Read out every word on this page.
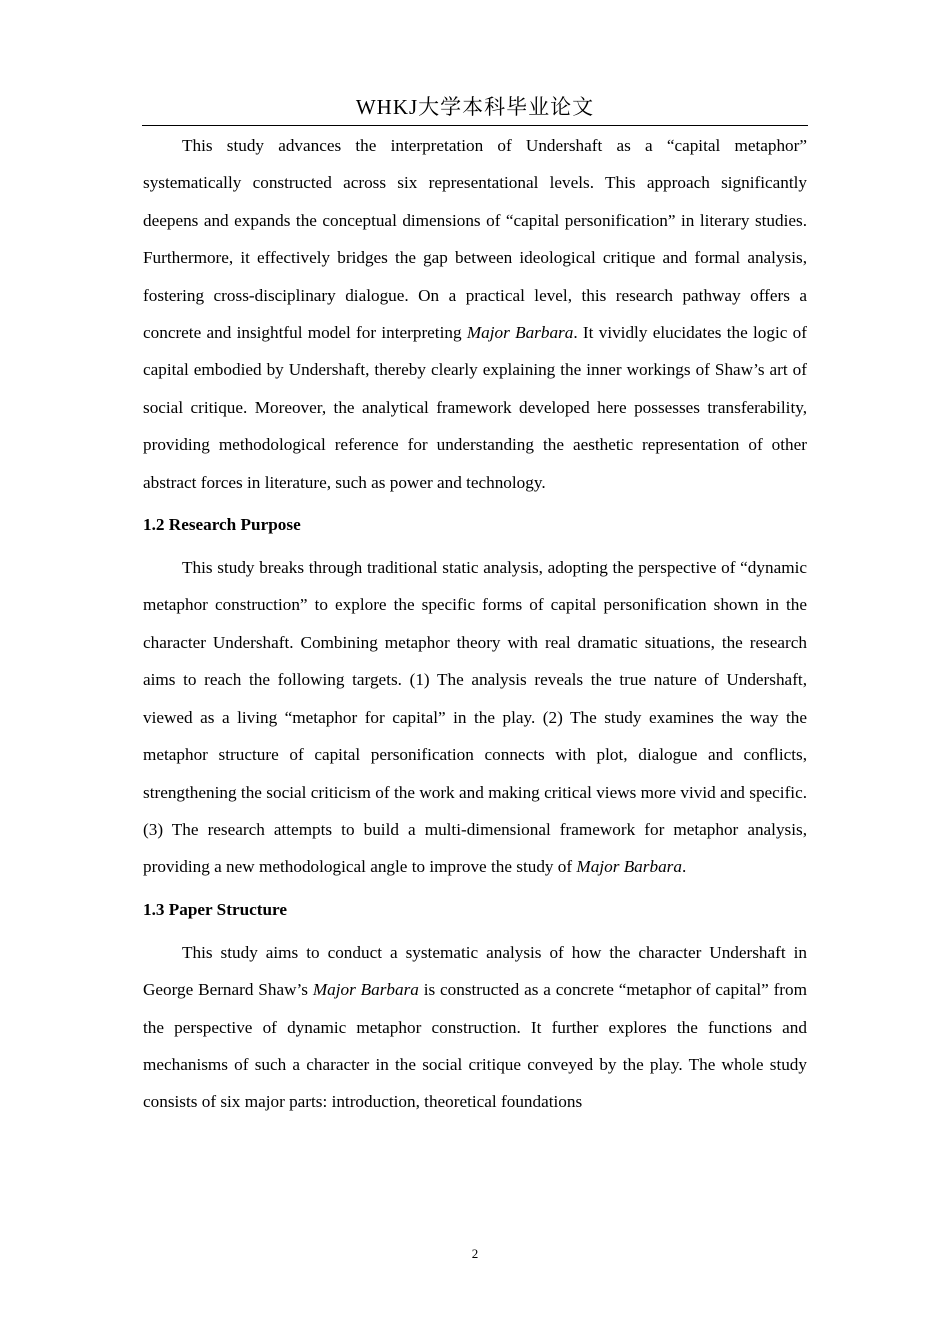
WHKJ大学本科毕业论文

This study advances the interpretation of Undershaft as a “capital metaphor” systematically constructed across six representational levels. This approach significantly deepens and expands the conceptual dimensions of “capital personification” in literary studies. Furthermore, it effectively bridges the gap between ideological critique and formal analysis, fostering cross-disciplinary dialogue. On a practical level, this research pathway offers a concrete and insightful model for interpreting Major Barbara. It vividly elucidates the logic of capital embodied by Undershaft, thereby clearly explaining the inner workings of Shaw’s art of social critique. Moreover, the analytical framework developed here possesses transferability, providing methodological reference for understanding the aesthetic representation of other abstract forces in literature, such as power and technology.

1.2 Research Purpose

This study breaks through traditional static analysis, adopting the perspective of “dynamic metaphor construction” to explore the specific forms of capital personification shown in the character Undershaft. Combining metaphor theory with real dramatic situations, the research aims to reach the following targets. (1) The analysis reveals the true nature of Undershaft, viewed as a living “metaphor for capital” in the play. (2) The study examines the way the metaphor structure of capital personification connects with plot, dialogue and conflicts, strengthening the social criticism of the work and making critical views more vivid and specific. (3) The research attempts to build a multi-dimensional framework for metaphor analysis, providing a new methodological angle to improve the study of Major Barbara.

1.3 Paper Structure

This study aims to conduct a systematic analysis of how the character Undershaft in George Bernard Shaw’s Major Barbara is constructed as a concrete “metaphor of capital” from the perspective of dynamic metaphor construction. It further explores the functions and mechanisms of such a character in the social critique conveyed by the play. The whole study consists of six major parts: introduction, theoretical foundations

2
